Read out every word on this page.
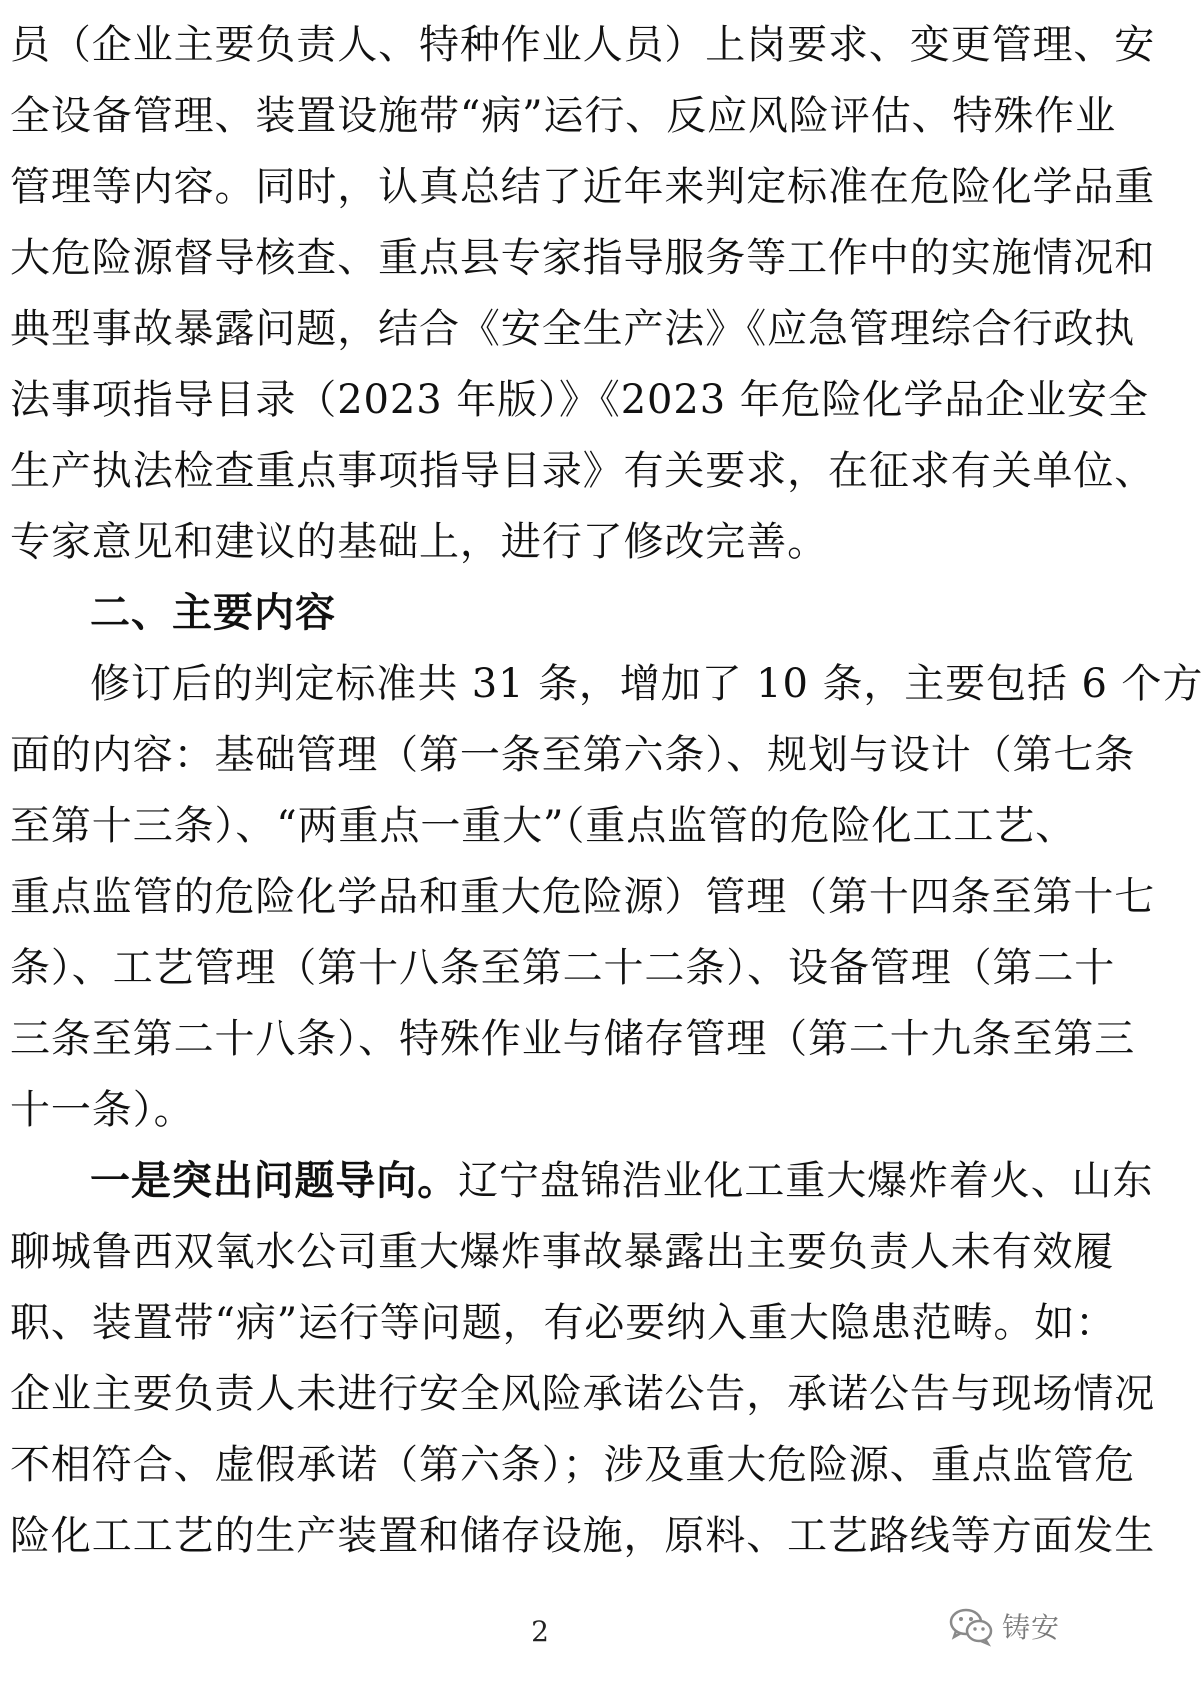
员（企业主要负责人、特种作业人员）上岗要求、变更管理、安
全设备管理、装置设施带“病”运行、反应风险评估、特殊作业
管理等内容。同时，认真总结了近年来判定标准在危险化学品重
大危险源督导核查、重点县专家指导服务等工作中的实施情况和
典型事故暴露问题，结合《安全生产法》《应急管理综合行政执
法事项指导目录（2023 年版）》《2023 年危险化学品企业安全
生产执法检查重点事项指导目录》有关要求，在征求有关单位、
专家意见和建议的基础上，进行了修改完善。
二、主要内容
修订后的判定标准共 31 条，增加了 10 条，主要包括 6 个方
面的内容：基础管理（第一条至第六条）、规划与设计（第七条
至第十三条）、“两重点一重大”（重点监管的危险化工工艺、
重点监管的危险化学品和重大危险源）管理（第十四条至第十七
条）、工艺管理（第十八条至第二十二条）、设备管理（第二十
三条至第二十八条）、特殊作业与储存管理（第二十九条至第三
十一条）。
一是突出问题导向。辽宁盘锦浩业化工重大爆炸着火、山东
聊城鲁西双氧水公司重大爆炸事故暴露出主要负责人未有效履
职、装置带“病”运行等问题，有必要纳入重大隐患范畴。如：
企业主要负责人未进行安全风险承诺公告，承诺公告与现场情况
不相符合、虚假承诺（第六条）；涉及重大危险源、重点监管危
险化工工艺的生产装置和储存设施，原料、工艺路线等方面发生
2	铸安
